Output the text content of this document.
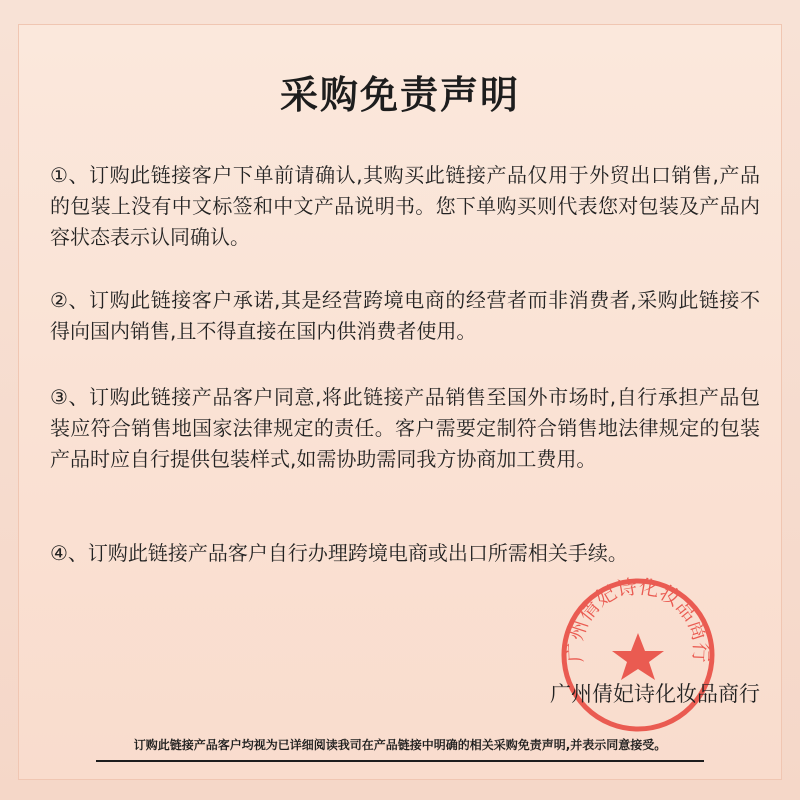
采购免责声明

①、订购此链接客户下单前请确认,其购买此链接产品仅用于外贸出口销售,产品的包装上没有中文标签和中文产品说明书。您下单购买则代表您对包装及产品内容状态表示认同确认。

②、订购此链接客户承诺,其是经营跨境电商的经营者而非消费者,采购此链接不得向国内销售,且不得直接在国内供消费者使用。

③、订购此链接产品客户同意,将此链接产品销售至国外市场时,自行承担产品包装应符合销售地国家法律规定的责任。客户需要定制符合销售地法律规定的包装产品时应自行提供包装样式,如需协助需同我方协商加工费用。

④、订购此链接产品客户自行办理跨境电商或出口所需相关手续。

广州倩妃诗化妆品商行

广州倩妃诗化妆品商行

订购此链接产品客户均视为已详细阅读我司在产品链接中明确的相关采购免责声明,并表示同意接受。
